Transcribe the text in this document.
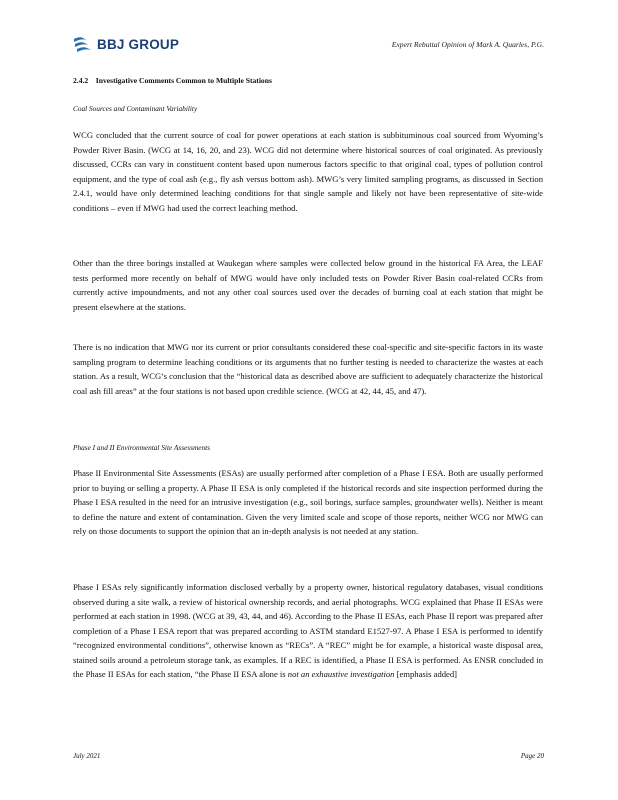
BBJ GROUP	Expert Rebuttal Opinion of Mark A. Quarles, P.G.
2.4.2 Investigative Comments Common to Multiple Stations
Coal Sources and Contaminant Variability

WCG concluded that the current source of coal for power operations at each station is subbituminous coal sourced from Wyoming’s Powder River Basin. (WCG at 14, 16, 20, and 23). WCG did not determine where historical sources of coal originated. As previously discussed, CCRs can vary in constituent content based upon numerous factors specific to that original coal, types of pollution control equipment, and the type of coal ash (e.g., fly ash versus bottom ash). MWG’s very limited sampling programs, as discussed in Section 2.4.1, would have only determined leaching conditions for that single sample and likely not have been representative of site-wide conditions – even if MWG had used the correct leaching method.

Other than the three borings installed at Waukegan where samples were collected below ground in the historical FA Area, the LEAF tests performed more recently on behalf of MWG would have only included tests on Powder River Basin coal-related CCRs from currently active impoundments, and not any other coal sources used over the decades of burning coal at each station that might be present elsewhere at the stations.

There is no indication that MWG nor its current or prior consultants considered these coal-specific and site-specific factors in its waste sampling program to determine leaching conditions or its arguments that no further testing is needed to characterize the wastes at each station. As a result, WCG’s conclusion that the “historical data as described above are sufficient to adequately characterize the historical coal ash fill areas” at the four stations is not based upon credible science. (WCG at 42, 44, 45, and 47).

Phase I and II Environmental Site Assessments

Phase II Environmental Site Assessments (ESAs) are usually performed after completion of a Phase I ESA. Both are usually performed prior to buying or selling a property. A Phase II ESA is only completed if the historical records and site inspection performed during the Phase I ESA resulted in the need for an intrusive investigation (e.g., soil borings, surface samples, groundwater wells). Neither is meant to define the nature and extent of contamination. Given the very limited scale and scope of those reports, neither WCG nor MWG can rely on those documents to support the opinion that an in-depth analysis is not needed at any station.

Phase I ESAs rely significantly information disclosed verbally by a property owner, historical regulatory databases, visual conditions observed during a site walk, a review of historical ownership records, and aerial photographs. WCG explained that Phase II ESAs were performed at each station in 1998. (WCG at 39, 43, 44, and 46). According to the Phase II ESAs, each Phase II report was prepared after completion of a Phase I ESA report that was prepared according to ASTM standard E1527-97. A Phase I ESA is performed to identify “recognized environmental conditions”, otherwise known as “RECs”. A “REC” might be for example, a historical waste disposal area, stained soils around a petroleum storage tank, as examples. If a REC is identified, a Phase II ESA is performed. As ENSR concluded in the Phase II ESAs for each station, “the Phase II ESA alone is not an exhaustive investigation [emphasis added]

July 2021	Page 20
